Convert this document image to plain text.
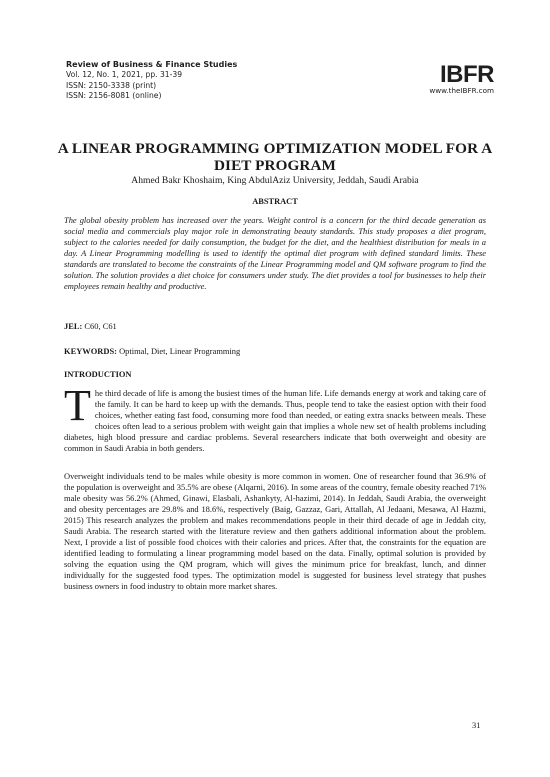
Review of Business & Finance Studies
Vol. 12, No. 1, 2021, pp. 31-39
ISSN: 2150-3338 (print)
ISSN: 2156-8081 (online)
IBFR
www.theIBFR.com
A LINEAR PROGRAMMING OPTIMIZATION MODEL FOR A DIET PROGRAM
Ahmed Bakr Khoshaim, King AbdulAziz University, Jeddah, Saudi Arabia
ABSTRACT

The global obesity problem has increased over the years. Weight control is a concern for the third decade generation as social media and commercials play major role in demonstrating beauty standards. This study proposes a diet program, subject to the calories needed for daily consumption, the budget for the diet, and the healthiest distribution for meals in a day. A Linear Programming modelling is used to identify the optimal diet program with defined standard limits. These standards are translated to become the constraints of the Linear Programming model and QM software program to find the solution. The solution provides a diet choice for consumers under study. The diet provides a tool for businesses to help their employees remain healthy and productive.

JEL: C60, C61

KEYWORDS: Optimal, Diet, Linear Programming

INTRODUCTION

The third decade of life is among the busiest times of the human life. Life demands energy at work and taking care of the family. It can be hard to keep up with the demands. Thus, people tend to take the easiest option with their food choices, whether eating fast food, consuming more food than needed, or eating extra snacks between meals. These choices often lead to a serious problem with weight gain that implies a whole new set of health problems including diabetes, high blood pressure and cardiac problems. Several researchers indicate that both overweight and obesity are common in Saudi Arabia in both genders.

Overweight individuals tend to be males while obesity is more common in women. One of researcher found that 36.9% of the population is overweight and 35.5% are obese (Alqarni, 2016). In some areas of the country, female obesity reached 71% male obesity was 56.2% (Ahmed, Ginawi, Elasbali, Ashankyty, Al-hazimi, 2014). In Jeddah, Saudi Arabia, the overweight and obesity percentages are 29.8% and 18.6%, respectively (Baig, Gazzaz, Gari, Attallah, Al Jedaani, Mesawa, Al Hazmi, 2015) This research analyzes the problem and makes recommendations people in their third decade of age in Jeddah city, Saudi Arabia. The research started with the literature review and then gathers additional information about the problem. Next, I provide a list of possible food choices with their calories and prices. After that, the constraints for the equation are identified leading to formulating a linear programming model based on the data. Finally, optimal solution is provided by solving the equation using the QM program, which will gives the minimum price for breakfast, lunch, and dinner individually for the suggested food types. The optimization model is suggested for business level strategy that pushes business owners in food industry to obtain more market shares.

31
